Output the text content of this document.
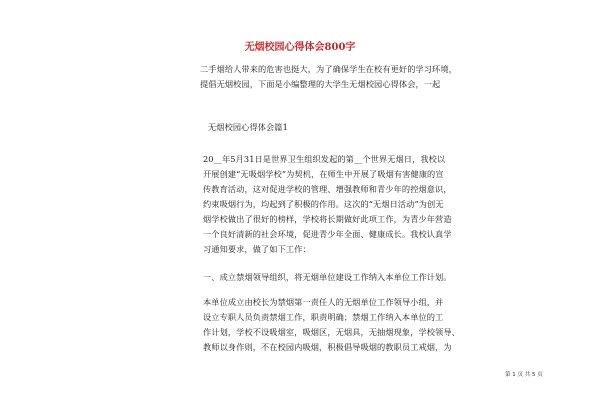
无烟校园心得体会800字
二手烟给人带来的危害也挺大，为了确保学生在校有更好的学习环境，
提倡无烟校园，下面是小编整理的大学生无烟校园心得体会，一起
无烟校园心得体会篇1
20__年5月31日是世界卫生组织发起的第__个世界无烟日，我校以
开展创建“无吸烟学校”为契机，在师生中开展了吸烟有害健康的宣
传教育活动，这对促进学校的管理、增强教师和青少年的控烟意识，
约束吸烟行为，均起到了积极的作用。这次的“无烟日活动”为创无
烟学校做出了很好的榜样，学校将长期做好此项工作，为青少年营造
一个良好清新的社会环境，促进青少年全面、健康成长。我校认真学
习通知要求，做了如下工作：
一、成立禁烟领导组织，将无烟单位建设工作纳入本单位工作计划。
本单位成立由校长为禁烟第一责任人的无烟单位工作领导小组，并
设立专职人员负责禁烟工作，职责明确；禁烟工作纳入本单位的工
作计划，学校不设吸烟室，吸烟区，无烟具，无抽烟现象，学校领导、
教师以身作则，不在校园内吸烟，积极倡导吸烟的教职员工戒烟，为
第 1 页 共 5 页
